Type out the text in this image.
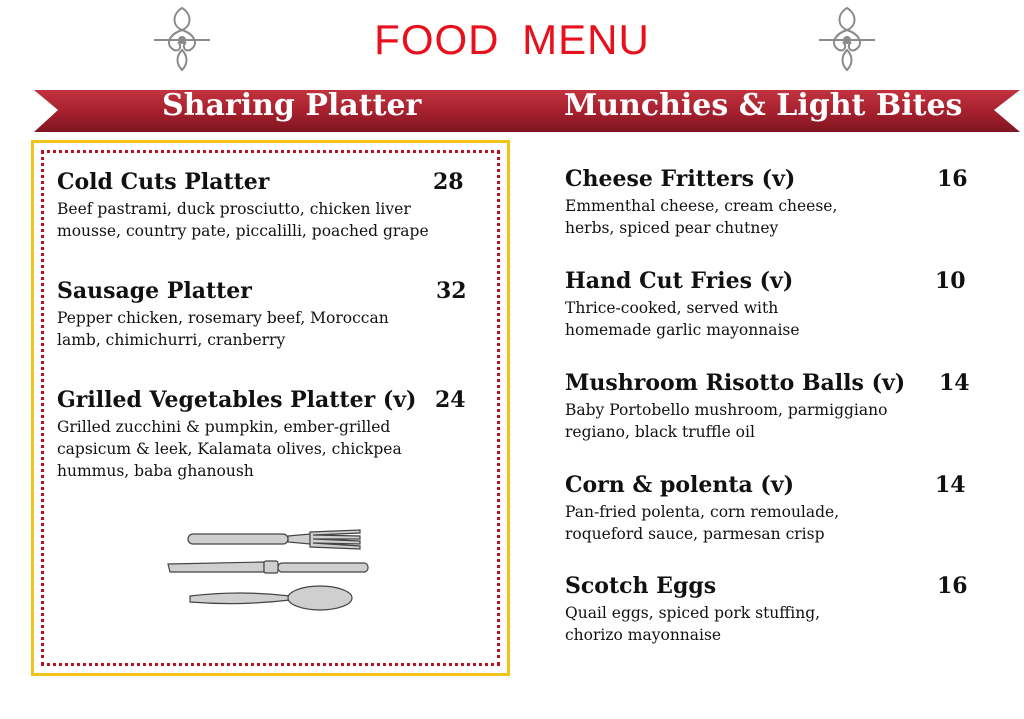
FOOD MENU
Sharing Platter	Munchies & Light Bites
Cold Cuts Platter	28
Beef pastrami, duck prosciutto, chicken liver mousse, country pate, piccalilli, poached grape
Sausage Platter	32
Pepper chicken, rosemary beef, Moroccan lamb, chimichurri, cranberry
Grilled Vegetables Platter (v) 24
Grilled zucchini & pumpkin, ember-grilled capsicum & leek, Kalamata olives, chickpea hummus, baba ghanoush
Cheese Fritters (v)	16
Emmenthal cheese, cream cheese, herbs, spiced pear chutney
Hand Cut Fries (v)	10
Thrice-cooked, served with homemade garlic mayonnaise
Mushroom Risotto Balls (v)	14
Baby Portobello mushroom, parmiggiano regiano, black truffle oil
Corn & polenta (v)	14
Pan-fried polenta, corn remoulade, roqueford sauce, parmesan crisp
Scotch Eggs	16
Quail eggs, spiced pork stuffing, chorizo mayonnaise
